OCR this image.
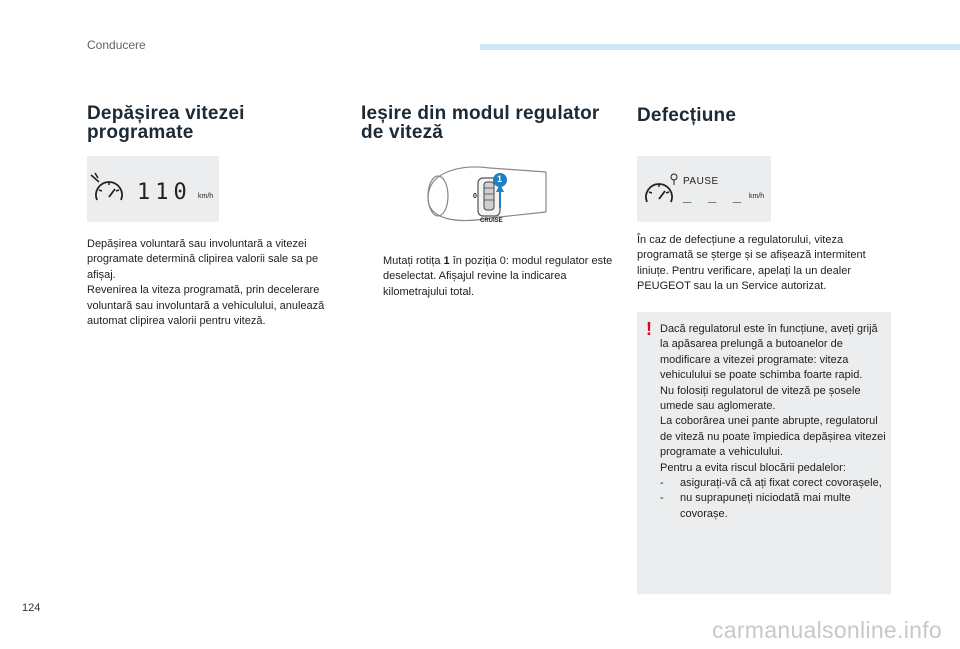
Conducere
Depășirea vitezei
programate
110 km/h
Depășirea voluntară sau involuntară a vitezei programate determină clipirea valorii sale sa pe afișaj.
Revenirea la viteza programată, prin decelerare voluntară sau involuntară a vehiculului, anulează automat clipirea valorii pentru viteză.
Ieșire din modul regulator
de viteză
1
0
CRUISE
Mutați rotița 1 în poziția 0: modul regulator este deselectat. Afișajul revine la indicarea kilometrajului total.
Defecțiune
PAUSE
_ _ _ km/h
În caz de defecțiune a regulatorului, viteza programată se șterge și se afișează intermitent liniuțe. Pentru verificare, apelați la un dealer PEUGEOT sau la un Service autorizat.
! Dacă regulatorul este în funcțiune, aveți grijă la apăsarea prelungă a butoanelor de modificare a vitezei programate: viteza vehiculului se poate schimba foarte rapid.
Nu folosiți regulatorul de viteză pe șosele umede sau aglomerate.
La coborârea unei pante abrupte, regulatorul de viteză nu poate împiedica depășirea vitezei programate a vehiculului.
Pentru a evita riscul blocării pedalelor:
-	asigurați-vă că ați fixat corect covorașele,
-	nu suprapuneți niciodată mai multe covorașe.
124
carmanualsonline.info
